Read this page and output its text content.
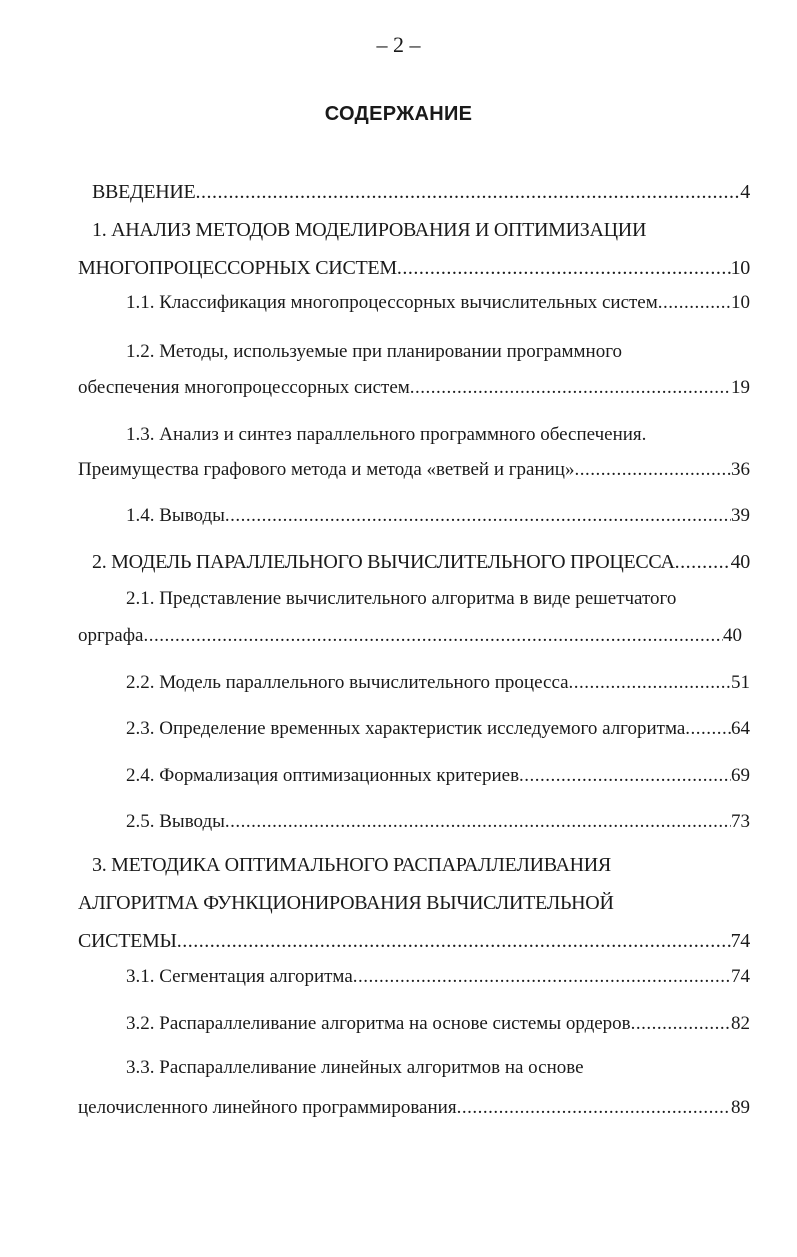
– 2 –
СОДЕРЖАНИЕ
ВВЕДЕНИЕ .....	4
1. АНАЛИЗ МЕТОДОВ МОДЕЛИРОВАНИЯ И ОПТИМИЗАЦИИ
МНОГОПРОЦЕССОРНЫХ СИСТЕМ .....	10
1.1. Классификация многопроцессорных вычислительных систем .....	10
1.2. Методы, используемые при планировании программного
обеспечения многопроцессорных систем .....	19
1.3. Анализ и синтез параллельного программного обеспечения.
Преимущества графового метода и метода «ветвей и границ» .....	36
1.4. Выводы .....	39
2. МОДЕЛЬ ПАРАЛЛЕЛЬНОГО ВЫЧИСЛИТЕЛЬНОГО ПРОЦЕССА .....	40
2.1. Представление вычислительного алгоритма в виде решетчатого
орграфа .....	40
2.2. Модель параллельного вычислительного процесса .....	51
2.3. Определение временных характеристик исследуемого алгоритма ..... 64
2.4. Формализация оптимизационных критериев .....	69
2.5. Выводы .....	73
3. МЕТОДИКА ОПТИМАЛЬНОГО РАСПАРАЛЛЕЛИВАНИЯ
АЛГОРИТМА ФУНКЦИОНИРОВАНИЯ ВЫЧИСЛИТЕЛЬНОЙ
СИСТЕМЫ .....	74
3.1. Сегментация алгоритма .....	74
3.2. Распараллеливание алгоритма на основе системы ордеров .....	82
3.3. Распараллеливание линейных алгоритмов на основе
целочисленного линейного программирования .....	89
